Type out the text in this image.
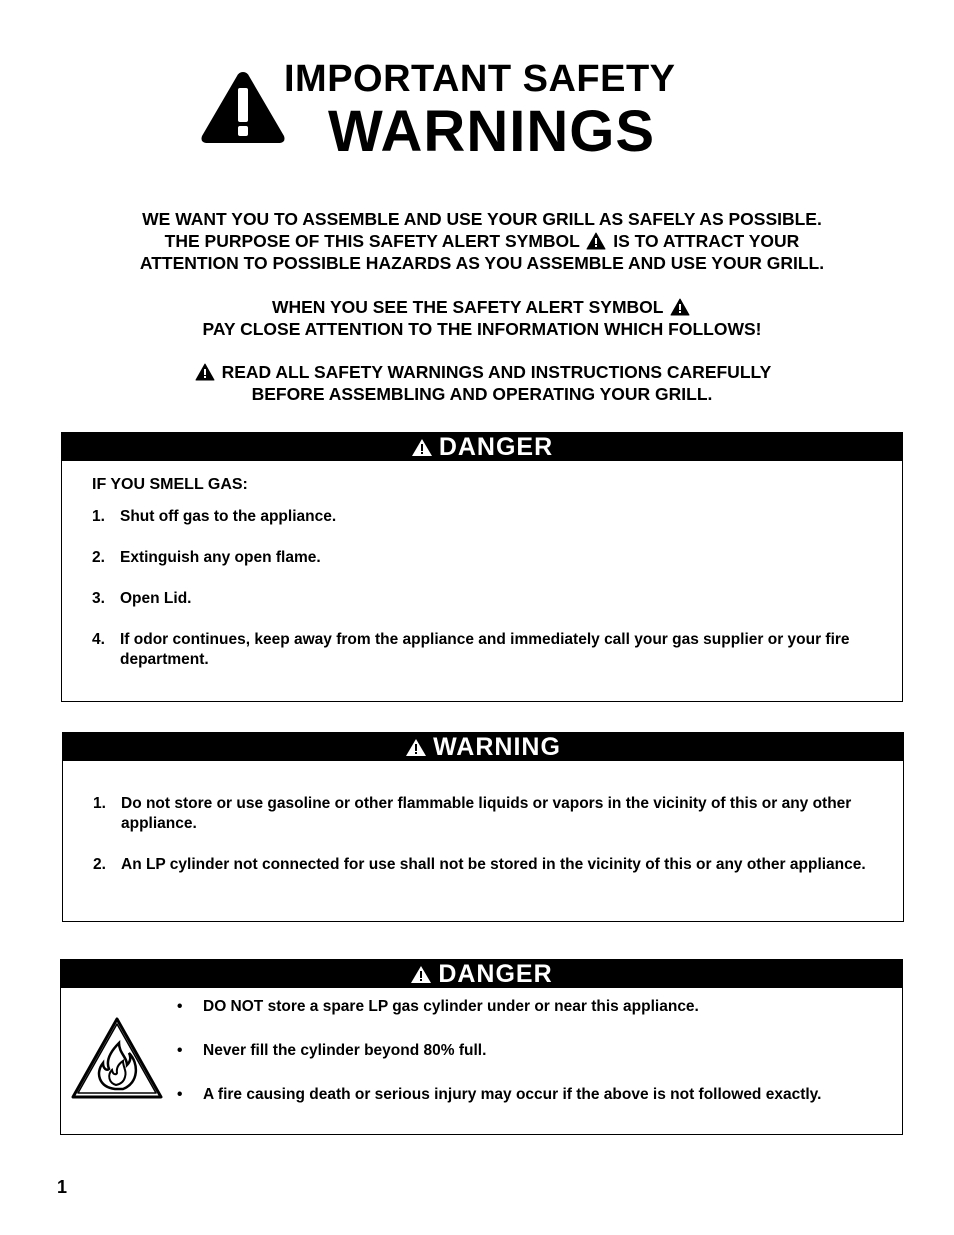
IMPORTANT SAFETY
WARNINGS
WE WANT YOU TO ASSEMBLE AND USE YOUR GRILL AS SAFELY AS POSSIBLE.
THE PURPOSE OF THIS SAFETY ALERT SYMBOL IS TO ATTRACT YOUR
ATTENTION TO POSSIBLE HAZARDS AS YOU ASSEMBLE AND USE YOUR GRILL.
WHEN YOU SEE THE SAFETY ALERT SYMBOL
PAY CLOSE ATTENTION TO THE INFORMATION WHICH FOLLOWS!
READ ALL SAFETY WARNINGS AND INSTRUCTIONS CAREFULLY
BEFORE ASSEMBLING AND OPERATING YOUR GRILL.
DANGER
IF YOU SMELL GAS:
1. Shut off gas to the appliance.
2. Extinguish any open flame.
3. Open Lid.
4. If odor continues, keep away from the appliance and immediately call your gas supplier or your fire department.
WARNING
1. Do not store or use gasoline or other flammable liquids or vapors in the vicinity of this or any other appliance.
2. An LP cylinder not connected for use shall not be stored in the vicinity of this or any other appliance.
DANGER
• DO NOT store a spare LP gas cylinder under or near this appliance.
• Never fill the cylinder beyond 80% full.
• A fire causing death or serious injury may occur if the above is not followed exactly.
1
